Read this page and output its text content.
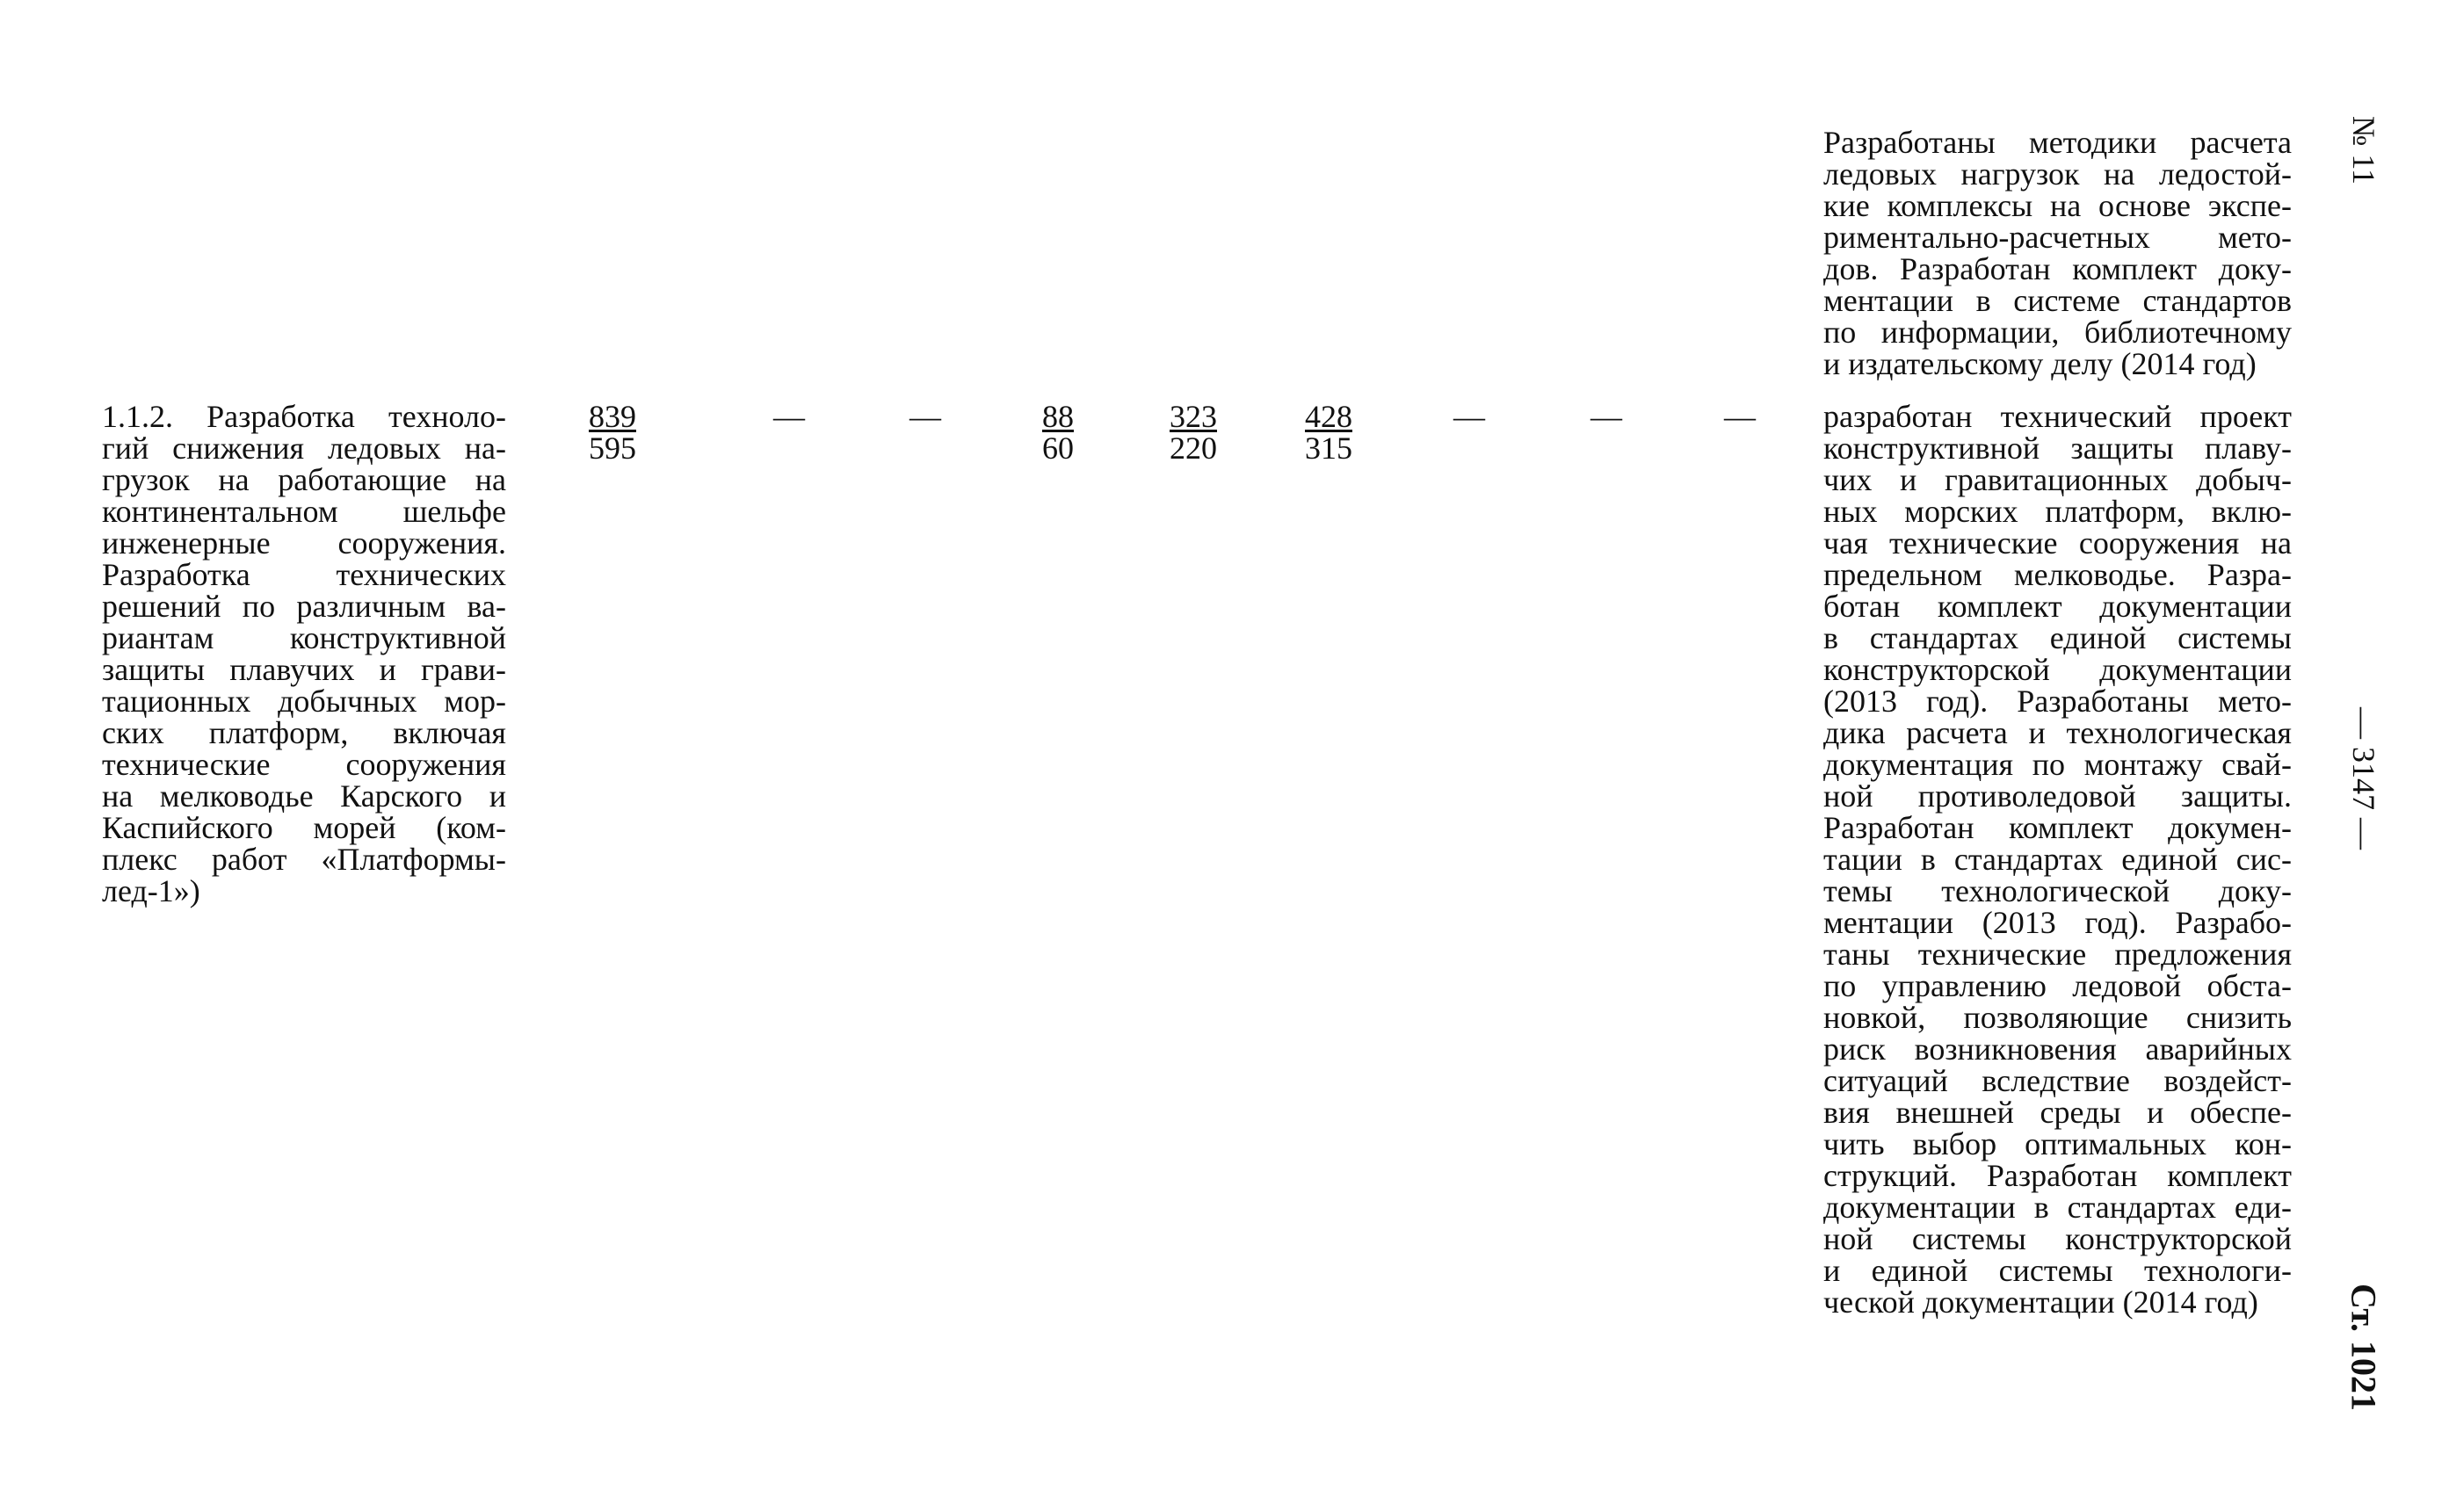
Разработаны методики расчета
ледовых нагрузок на ледостой-
кие комплексы на основе экспе-
риментально-расчетных мето-
дов. Разработан комплект доку-
ментации в системе стандартов
по информации, библиотечному
и издательскому делу (2014 год)
1.1.2. Разработка техноло-
гий снижения ледовых на-
грузок на работающие на
континентальном шельфе
инженерные сооружения.
Разработка технических
решений по различным ва-
риантам конструктивной
защиты плавучих и грави-
тационных добычных мор-
ских платформ, включая
технические сооружения
на мелководье Карского и
Каспийского морей (ком-
плекс работ «Платформы-
лед-1»)
$\frac{839}{595}$	—	—	$\frac{88}{60}$	$\frac{323}{220}$	$\frac{428}{315}$	—	—	— разработан технический проект
конструктивной защиты плаву-
чих и гравитационных добыч-
ных морских платформ, вклю-
чая технические сооружения на
предельном мелководье. Разра-
ботан комплект документации
в стандартах единой системы
конструкторской документации
(2013 год). Разработаны мето-
дика расчета и технологическая
документация по монтажу свай-
ной противоледовой защиты.
Разработан комплект докумен-
тации в стандартах единой сис-
темы технологической доку-
ментации (2013 год). Разрабо-
таны технические предложения
по управлению ледовой обста-
новкой, позволяющие снизить
риск возникновения аварийных
ситуаций вследствие воздейст-
вия внешней среды и обеспе-
чить выбор оптимальных кон-
струкций. Разработан комплект
документации в стандартах еди-
ной системы конструкторской
и единой системы технологи-
ческой документации (2014 год)
№ 11
— 3147 —
Ст. 1021
